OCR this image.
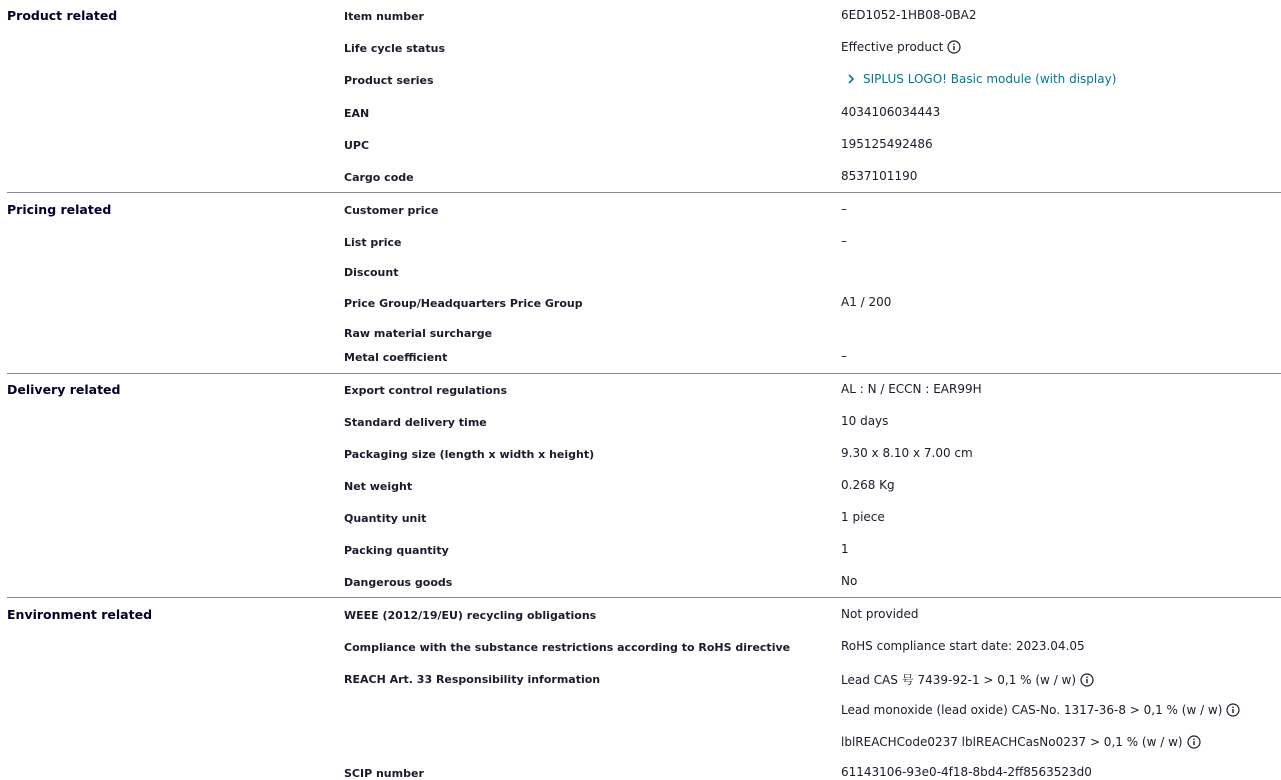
Product related	Item number	6ED1052-1HB08-0BA2
Life cycle status	Effective product
Product series	SIPLUS LOGO! Basic module (with display)
EAN	4034106034443
UPC	195125492486
Cargo code	8537101190
Pricing related	Customer price	–
List price	–
Discount
Price Group/Headquarters Price Group	A1 / 200
Raw material surcharge
Metal coefficient	–
Delivery related	Export control regulations	AL : N / ECCN : EAR99H
Standard delivery time	10 days
Packaging size (length x width x height)	9.30 x 8.10 x 7.00 cm
Net weight	0.268 Kg
Quantity unit	1 piece
Packing quantity	1
Dangerous goods	No
Environment related	WEEE (2012/19/EU) recycling obligations	Not provided
Compliance with the substance restrictions according to RoHS directive	RoHS compliance start date: 2023.04.05
REACH Art. 33 Responsibility information	Lead CAS 号 7439-92-1 > 0,1 % (w / w)
Lead monoxide (lead oxide) CAS-No. 1317-36-8 > 0,1 % (w / w)
lblREACHCode0237 lblREACHCasNo0237 > 0,1 % (w / w)
SCIP number	61143106-93e0-4f18-8bd4-2ff8563523d0
